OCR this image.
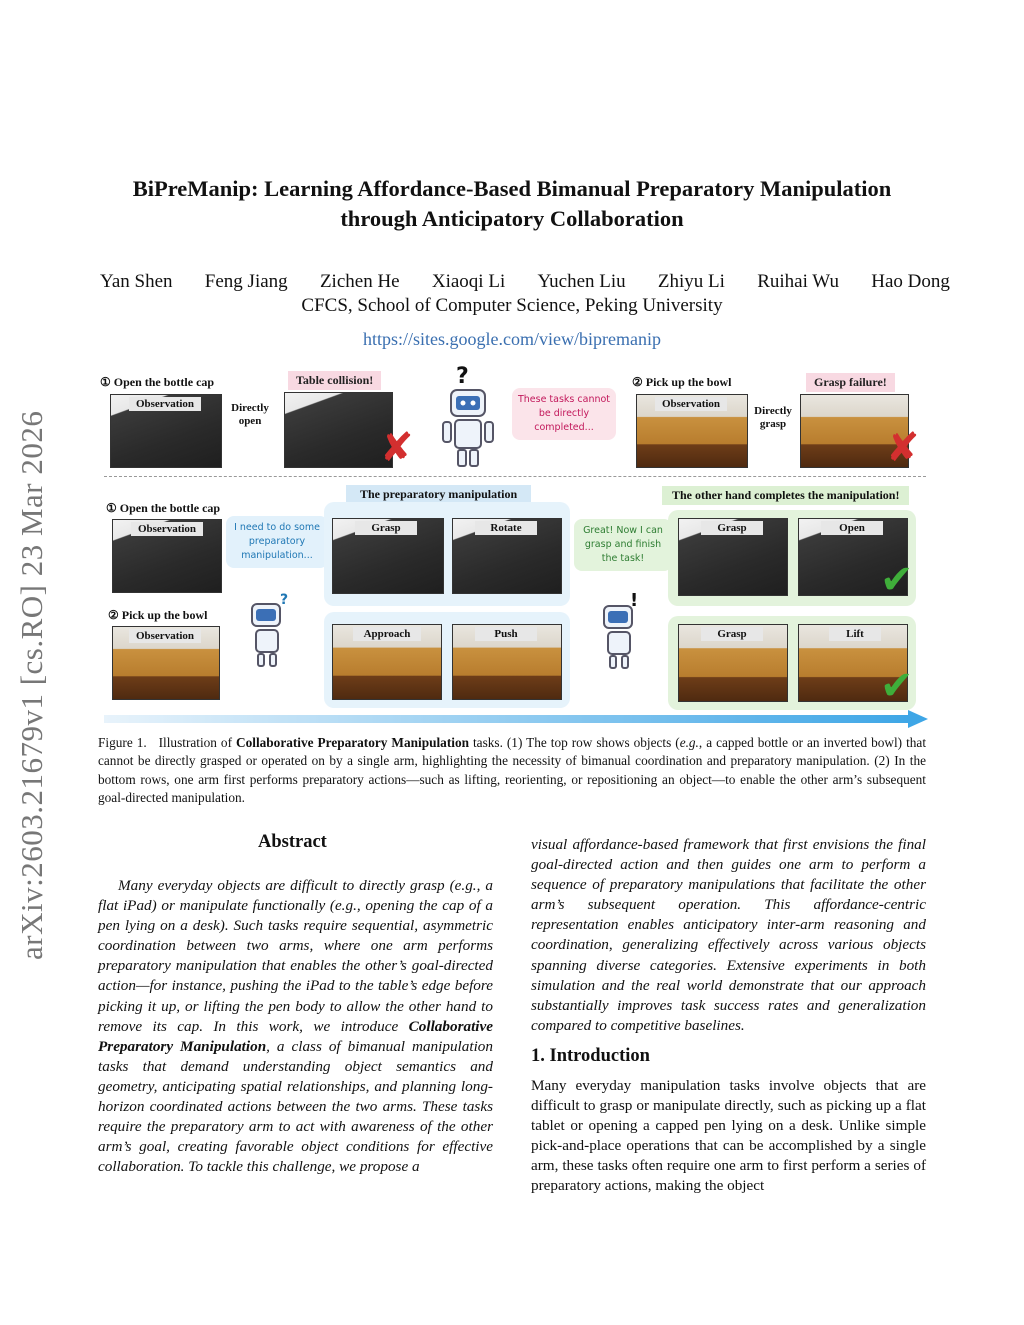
arXiv:2603.21679v1 [cs.RO] 23 Mar 2026
BiPreManip: Learning Affordance-Based Bimanual Preparatory Manipulation
through Anticipatory Collaboration
Yan Shen Feng Jiang Zichen He Xiaoqi Li Yuchen Liu Zhiyu Li Ruihai Wu Hao Dong
CFCS, School of Computer Science, Peking University
https://sites.google.com/view/bipremanip
① Open the bottle cap
Observation	Directly
open
Table collision!
✘
?
These tasks cannot be directly completed...
② Pick up the bowl
Observation
Directly
grasp
Grasp failure!
✘
The preparatory manipulation	The other hand completes the manipulation!
① Open the bottle cap
Observation	I need to do some preparatory manipulation...
Grasp	Rotate	Great! Now I can grasp and finish the task!
Grasp	Open
✔
② Pick up the bowl
Observation
?
Approach	Push
!
Grasp	Lift
✔
Figure 1. Illustration of Collaborative Preparatory Manipulation tasks. (1) The top row shows objects (e.g., a capped bottle or an inverted bowl) that cannot be directly grasped or operated on by a single arm, highlighting the necessity of bimanual coordination and preparatory manipulation. (2) In the bottom rows, one arm first performs preparatory actions—such as lifting, reorienting, or repositioning an object—to enable the other arm’s subsequent goal-directed manipulation.
Abstract
Many everyday objects are difficult to directly grasp (e.g., a flat iPad) or manipulate functionally (e.g., opening the cap of a pen lying on a desk). Such tasks require sequential, asymmetric coordination between two arms, where one arm performs preparatory manipulation that enables the other’s goal-directed action—for instance, pushing the iPad to the table’s edge before picking it up, or lifting the pen body to allow the other hand to remove its cap. In this work, we introduce Collaborative Preparatory Manipulation, a class of bimanual manipulation tasks that demand understanding object semantics and geometry, anticipating spatial relationships, and planning long-horizon coordinated actions between the two arms. These tasks require the preparatory arm to act with awareness of the other arm’s goal, creating favorable object conditions for effective collaboration. To tackle this challenge, we propose a
visual affordance-based framework that first envisions the final goal-directed action and then guides one arm to perform a sequence of preparatory manipulations that facilitate the other arm’s subsequent operation. This affordance-centric representation enables anticipatory inter-arm reasoning and coordination, generalizing effectively across various objects spanning diverse categories. Extensive experiments in both simulation and the real world demonstrate that our approach substantially improves task success rates and generalization compared to competitive baselines.
1. Introduction
Many everyday manipulation tasks involve objects that are difficult to grasp or manipulate directly, such as picking up a flat tablet or opening a capped pen lying on a desk. Unlike simple pick-and-place operations that can be accomplished by a single arm, these tasks often require one arm to first perform a series of preparatory actions, making the object
